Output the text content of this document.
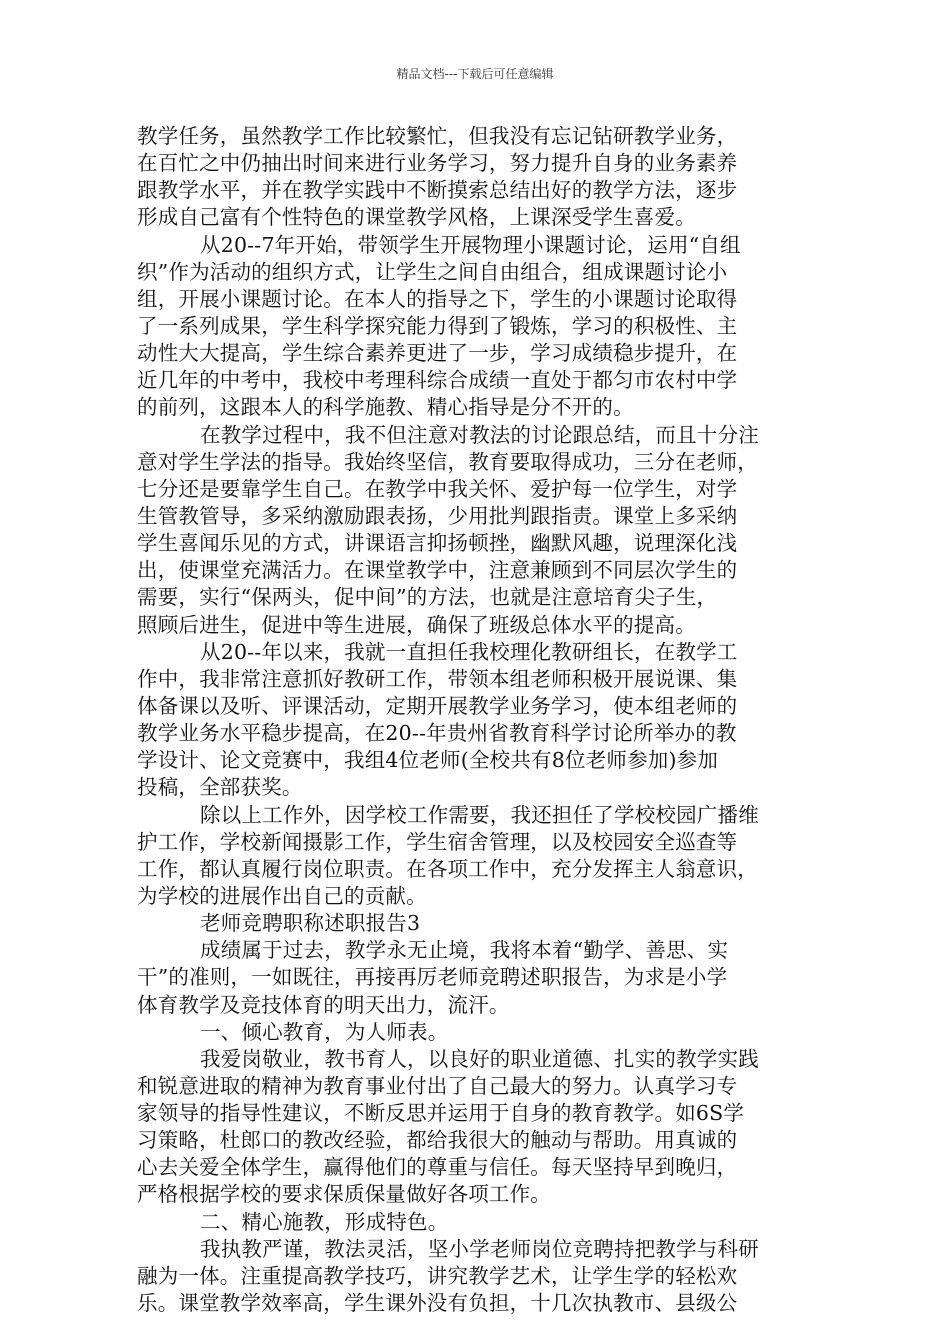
精品文档---下载后可任意编辑
教学任务，虽然教学工作比较繁忙，但我没有忘记钻研教学业务，
在百忙之中仍抽出时间来进行业务学习，努力提升自身的业务素养
跟教学水平，并在教学实践中不断摸索总结出好的教学方法，逐步
形成自己富有个性特色的课堂教学风格，上课深受学生喜爱。
从20--7年开始，带领学生开展物理小课题讨论，运用“自组
织”作为活动的组织方式，让学生之间自由组合，组成课题讨论小
组，开展小课题讨论。在本人的指导之下，学生的小课题讨论取得
了一系列成果，学生科学探究能力得到了锻炼，学习的积极性、主
动性大大提高，学生综合素养更进了一步，学习成绩稳步提升，在
近几年的中考中，我校中考理科综合成绩一直处于都匀市农村中学
的前列，这跟本人的科学施教、精心指导是分不开的。
在教学过程中，我不但注意对教法的讨论跟总结，而且十分注
意对学生学法的指导。我始终坚信，教育要取得成功，三分在老师，
七分还是要靠学生自己。在教学中我关怀、爱护每一位学生，对学
生管教管导，多采纳激励跟表扬，少用批判跟指责。课堂上多采纳
学生喜闻乐见的方式，讲课语言抑扬顿挫，幽默风趣，说理深化浅
出，使课堂充满活力。在课堂教学中，注意兼顾到不同层次学生的
需要，实行“保两头，促中间”的方法，也就是注意培育尖子生，
照顾后进生，促进中等生进展，确保了班级总体水平的提高。
从20--年以来，我就一直担任我校理化教研组长，在教学工
作中，我非常注意抓好教研工作，带领本组老师积极开展说课、集
体备课以及听、评课活动，定期开展教学业务学习，使本组老师的
教学业务水平稳步提高，在20--年贵州省教育科学讨论所举办的教
学设计、论文竞赛中，我组4位老师(全校共有8位老师参加)参加
投稿，全部获奖。
除以上工作外，因学校工作需要，我还担任了学校校园广播维
护工作，学校新闻摄影工作，学生宿舍管理，以及校园安全巡查等
工作，都认真履行岗位职责。在各项工作中，充分发挥主人翁意识，
为学校的进展作出自己的贡献。
老师竞聘职称述职报告3
成绩属于过去，教学永无止境，我将本着“勤学、善思、实
干”的准则，一如既往，再接再厉老师竞聘述职报告，为求是小学
体育教学及竞技体育的明天出力，流汗。
一、倾心教育，为人师表。
我爱岗敬业，教书育人，以良好的职业道德、扎实的教学实践
和锐意进取的精神为教育事业付出了自己最大的努力。认真学习专
家领导的指导性建议，不断反思并运用于自身的教育教学。如6S学
习策略，杜郎口的教改经验，都给我很大的触动与帮助。用真诚的
心去关爱全体学生，赢得他们的尊重与信任。每天坚持早到晚归，
严格根据学校的要求保质保量做好各项工作。
二、精心施教，形成特色。
我执教严谨，教法灵活，坚小学老师岗位竞聘持把教学与科研
融为一体。注重提高教学技巧，讲究教学艺术，让学生学的轻松欢
乐。课堂教学效率高，学生课外没有负担，十几次执教市、县级公
